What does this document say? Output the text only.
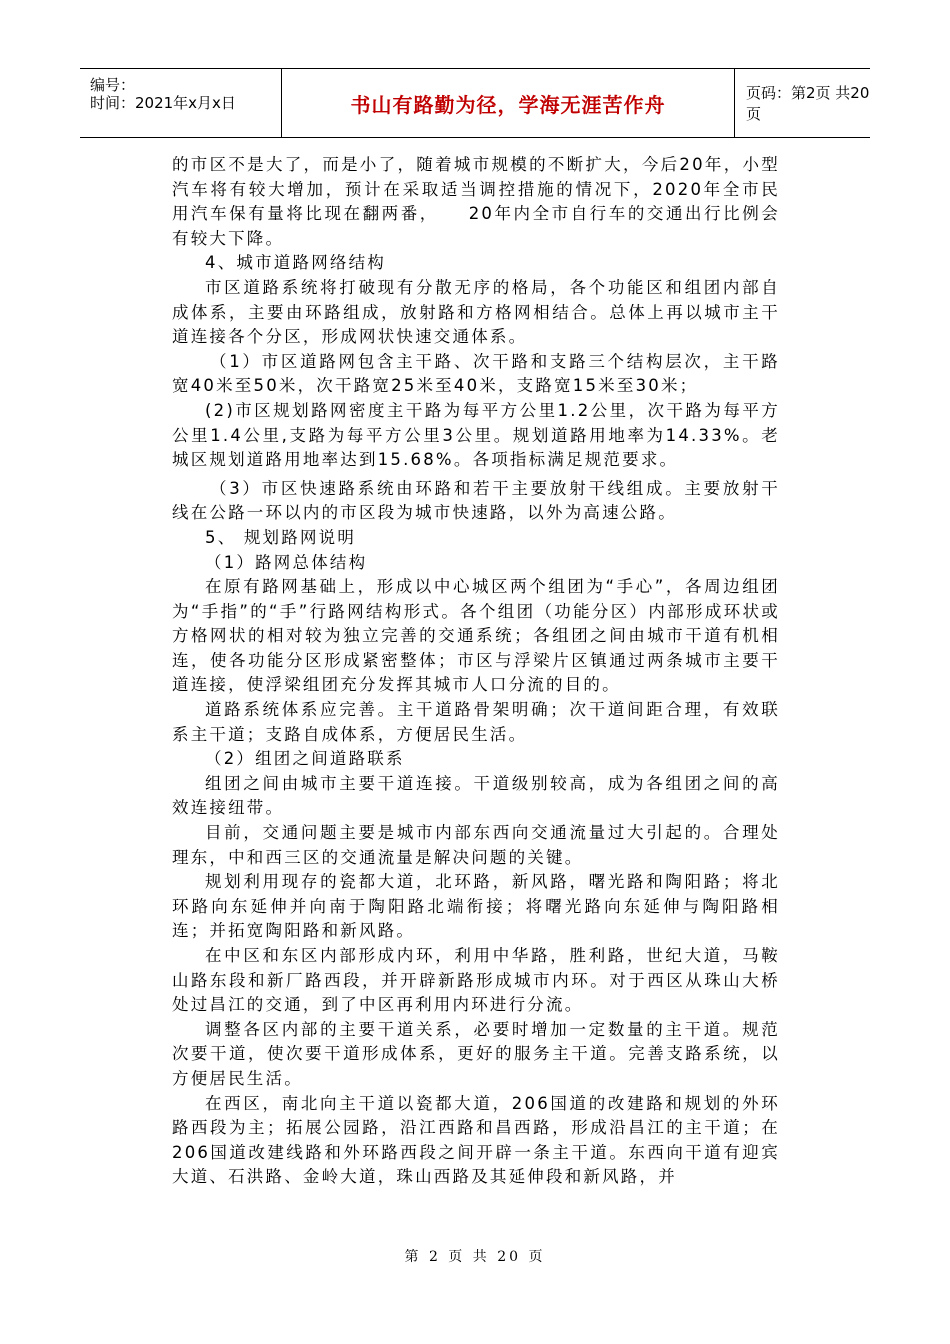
编号：
时间：2021年x月x日	书山有路勤为径，学海无涯苦作舟	页码：第2页 共20页

的市区不是大了，而是小了，随着城市规模的不断扩大，今后20年，小型汽车将有较大增加，预计在采取适当调控措施的情况下，2020年全市民用汽车保有量将比现在翻两番，　　20年内全市自行车的交通出行比例会有较大下降。

4、城市道路网络结构

市区道路系统将打破现有分散无序的格局，各个功能区和组团内部自成体系，主要由环路组成，放射路和方格网相结合。总体上再以城市主干道连接各个分区，形成网状快速交通体系。

（1）市区道路网包含主干路、次干路和支路三个结构层次，主干路宽40米至50米，次干路宽25米至40米，支路宽15米至30米；

(2)市区规划路网密度主干路为每平方公里1.2公里，次干路为每平方公里1.4公里,支路为每平方公里3公里。规划道路用地率为14.33%。老城区规划道路用地率达到15.68%。各项指标满足规范要求。

（3）市区快速路系统由环路和若干主要放射干线组成。主要放射干线在公路一环以内的市区段为城市快速路，以外为高速公路。

5、 规划路网说明

（1）路网总体结构

在原有路网基础上，形成以中心城区两个组团为“手心”，各周边组团为“手指”的“手”行路网结构形式。各个组团（功能分区）内部形成环状或方格网状的相对较为独立完善的交通系统；各组团之间由城市干道有机相连，使各功能分区形成紧密整体；市区与浮梁片区镇通过两条城市主要干道连接，使浮梁组团充分发挥其城市人口分流的目的。

道路系统体系应完善。主干道路骨架明确；次干道间距合理，有效联系主干道；支路自成体系，方便居民生活。

（2）组团之间道路联系

组团之间由城市主要干道连接。干道级别较高，成为各组团之间的高效连接纽带。

目前，交通问题主要是城市内部东西向交通流量过大引起的。合理处理东，中和西三区的交通流量是解决问题的关键。

规划利用现存的瓷都大道，北环路，新风路，曙光路和陶阳路；将北环路向东延伸并向南于陶阳路北端衔接；将曙光路向东延伸与陶阳路相连；并拓宽陶阳路和新风路。

在中区和东区内部形成内环，利用中华路，胜利路，世纪大道，马鞍山路东段和新厂路西段，并开辟新路形成城市内环。对于西区从珠山大桥处过昌江的交通，到了中区再利用内环进行分流。

调整各区内部的主要干道关系，必要时增加一定数量的主干道。规范次要干道，使次要干道形成体系，更好的服务主干道。完善支路系统，以方便居民生活。

在西区，南北向主干道以瓷都大道，206国道的改建路和规划的外环路西段为主；拓展公园路，沿江西路和昌西路，形成沿昌江的主干道；在206国道改建线路和外环路西段之间开辟一条主干道。东西向干道有迎宾大道、石洪路、金岭大道，珠山西路及其延伸段和新风路，并

第 2 页 共 20 页
